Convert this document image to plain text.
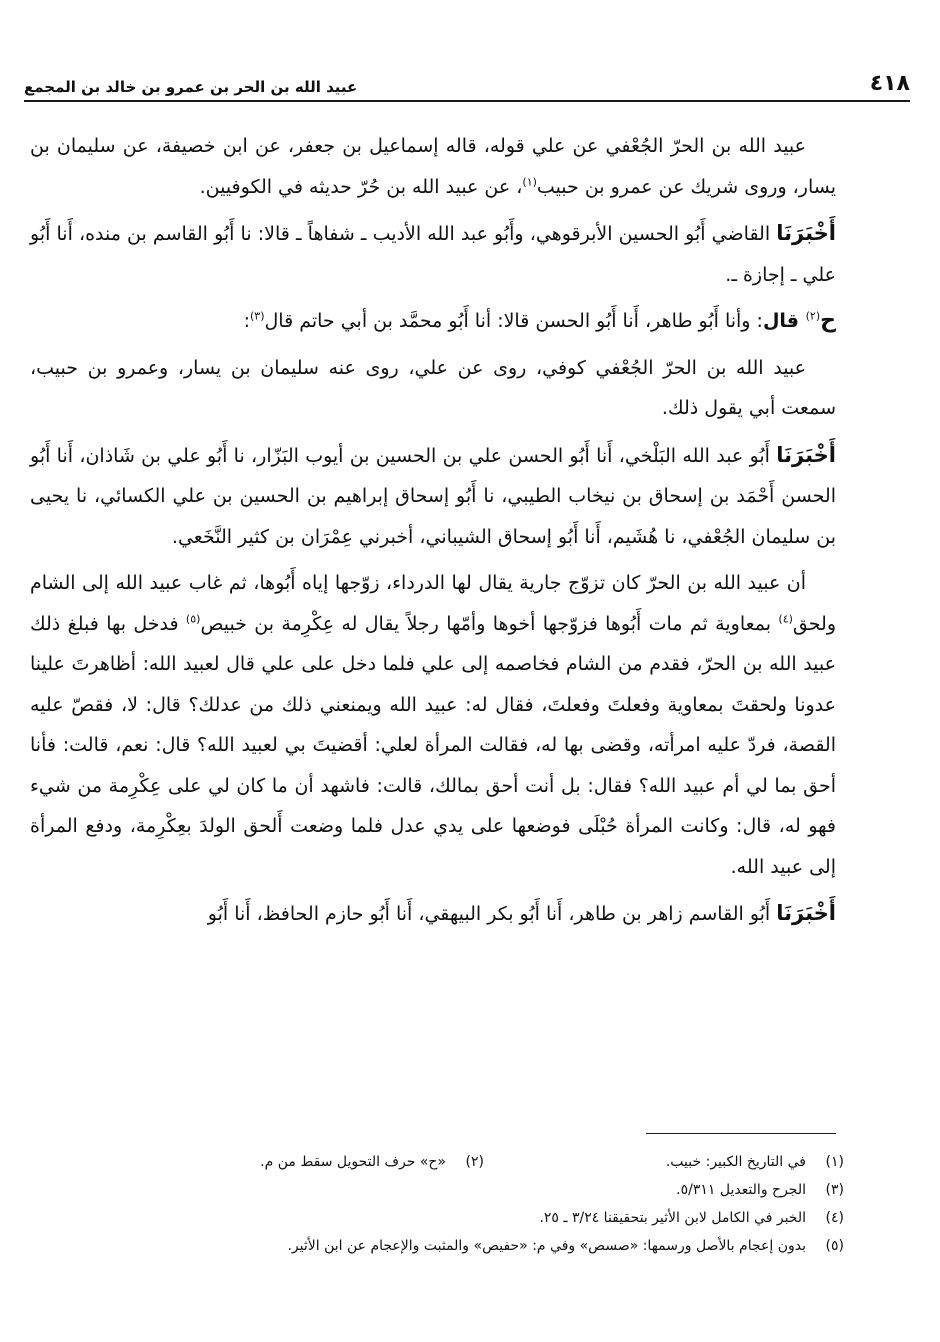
٤١٨
عبيد الله بن الحر بن عمرو بن خالد بن المجمع

عبيد الله بن الحرّ الجُعْفي عن علي قوله، قاله إسماعيل بن جعفر، عن ابن خصيفة، عن سليمان بن يسار، وروى شريك عن عمرو بن حبيب$^{(١)}$، عن عبيد الله بن حُرّ حديثه في الكوفيين.

أَخْبَرَنَا القاضي أَبُو الحسين الأبرقوهي، وأَبُو عبد الله الأديب ـ شفاهاً ـ قالا: نا أَبُو القاسم بن منده، أَنا أَبُو علي ـ إجازة ـ.

ح$^{(٢)}$ قال: وأنا أَبُو طاهر، أَنا أَبُو الحسن قالا: أنا أَبُو محمَّد بن أبي حاتم قال$^{(٣)}$:

عبيد الله بن الحرّ الجُعْفي كوفي، روى عن علي، روى عنه سليمان بن يسار، وعمرو بن حبيب، سمعت أبي يقول ذلك.

أَخْبَرَنَا أَبُو عبد الله البَلْخي، أَنا أَبُو الحسن علي بن الحسين بن أيوب البَزّار، نا أَبُو علي بن شَاذان، أَنا أَبُو الحسن أَحْمَد بن إسحاق بن نيخاب الطيبي، نا أَبُو إسحاق إبراهيم بن الحسين بن علي الكسائي، نا يحيى بن سليمان الجُعْفي، نا هُشَيم، أَنا أَبُو إسحاق الشيباني، أخبرني عِمْرَان بن كثير النَّخَعي.

أن عبيد الله بن الحرّ كان تزوّج جارية يقال لها الدرداء، زوّجها إياه أَبُوها، ثم غاب عبيد الله إلى الشام ولحق$^{(٤)}$ بمعاوية ثم مات أَبُوها فزوّجها أخوها وأمّها رجلاً يقال له عِكْرِمة بن خبيص$^{(٥)}$ فدخل بها فبلغ ذلك عبيد الله بن الحرّ، فقدم من الشام فخاصمه إلى علي فلما دخل على علي قال لعبيد الله: أظاهرتَ علينا عدونا ولحقتَ بمعاوية وفعلتَ وفعلتَ، فقال له: عبيد الله ويمنعني ذلك من عدلك؟ قال: لا، فقصّ عليه القصة، فردّ عليه امرأته، وقضى بها له، فقالت المرأة لعلي: أقضيتَ بي لعبيد الله؟ قال: نعم، قالت: فأنا أحق بما لي أم عبيد الله؟ فقال: بل أنت أحق بمالك، قالت: فاشهد أن ما كان لي على عِكْرِمة من شيء فهو له، قال: وكانت المرأة حُبْلَى فوضعها على يدي عدل فلما وضعت أَلحق الولدَ بعِكْرِمة، ودفع المرأة إلى عبيد الله.

أَخْبَرَنَا أَبُو القاسم زاهر بن طاهر، أَنا أَبُو بكر البيهقي، أَنا أَبُو حازم الحافظ، أَنا أَبُو

(١)
في التاريخ الكبير: خبيب.
(٢)
«ح» حرف التحويل سقط من م.
(٣)
الجرح والتعديل ٥/٣١١.
(٤)
الخبر في الكامل لابن الأثير بتحقيقنا ٣/٢٤ ـ ٢٥.
(٥)
بدون إعجام بالأصل ورسمها: «صسص» وفي م: «حفيص» والمثبت والإعجام عن ابن الأثير.
